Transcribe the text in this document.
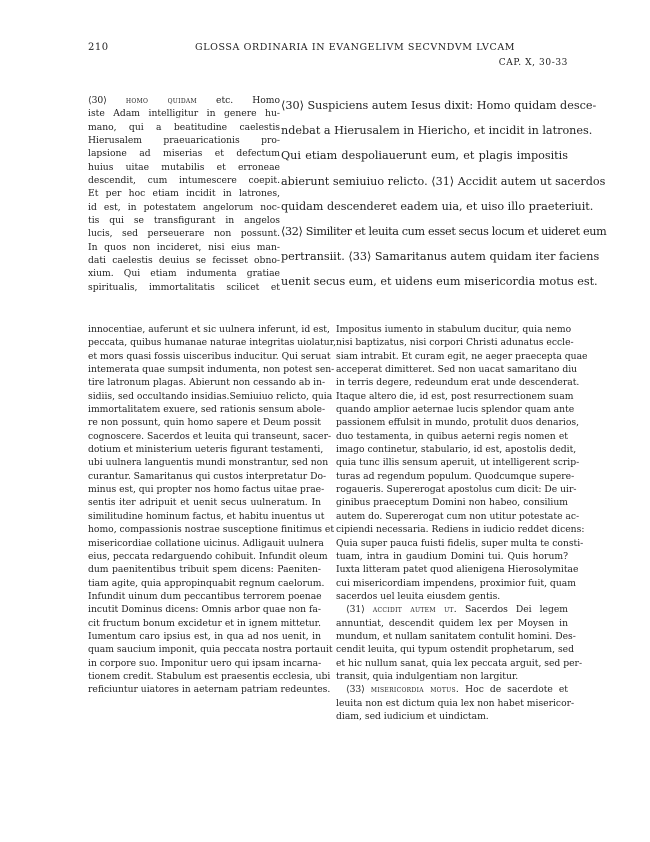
210	GLOSSA ORDINARIA IN EVANGELIVM SECVNDVM LVCAM
CAP. X, 30-33
⟨30⟩ homo quidam etc. Homo
iste Adam intelligitur in genere hu-
mano, qui a beatitudine caelestis
Hierusalem praeuaricationis pro-
lapsione ad miserias et defectum
huius uitae mutabilis et erroneae
descendit, cum intumescere coepit.
Et per hoc etiam incidit in latrones,
id est, in potestatem angelorum noc-
tis qui se transfigurant in angelos
lucis, sed perseuerare non possunt.
In quos non incideret, nisi eius man-
dati caelestis deuius se fecisset obno-
xium. Qui etiam indumenta gratiae
spiritualis, immortalitatis scilicet et
⟨30⟩ Suspiciens autem Iesus dixit: Homo quidam desce-
ndebat a Hierusalem in Hiericho, et incidit in latrones.
Qui etiam despoliauerunt eum, et plagis impositis
abierunt semiuiuo relicto. ⟨31⟩ Accidit autem ut sacerdos
quidam descenderet eadem uia, et uiso illo praeteriuit.
⟨32⟩ Similiter et leuita cum esset secus locum et uideret eum
pertransiit. ⟨33⟩ Samaritanus autem quidam iter faciens
uenit secus eum, et uidens eum misericordia motus est.
innocentiae, auferunt et sic uulnera inferunt, id est,
peccata, quibus humanae naturae integritas uiolatur,
et mors quasi fossis uisceribus inducitur. Qui seruat
intemerata quae sumpsit indumenta, non potest sen-
tire latronum plagas. Abierunt non cessando ab in-
sidiis, sed occultando insidias.Semiuiuo relicto, quia
immortalitatem exuere, sed rationis sensum abole-
re non possunt, quin homo sapere et Deum possit
cognoscere. Sacerdos et leuita qui transeunt, sacer-
dotium et ministerium ueteris figurant testamenti,
ubi uulnera languentis mundi monstrantur, sed non
curantur. Samaritanus qui custos interpretatur Do-
minus est, qui propter nos homo factus uitae prae-
sentis iter adripuit et uenit secus uulneratum. In
similitudine hominum factus, et habitu inuentus ut
homo, compassionis nostrae susceptione finitimus et
misericordiae collatione uicinus. Adligauit uulnera
eius, peccata redarguendo cohibuit. Infundit oleum
dum paenitentibus tribuit spem dicens: Paeniten-
tiam agite, quia appropinquabit regnum caelorum.
Infundit uinum dum peccantibus terrorem poenae
incutit Dominus dicens: Omnis arbor quae non fa-
cit fructum bonum excidetur et in ignem mittetur.
Iumentum caro ipsius est, in qua ad nos uenit, in
quam saucium imponit, quia peccata nostra portauit
in corpore suo. Imponitur uero qui ipsam incarna-
tionem credit. Stabulum est praesentis ecclesia, ubi
reficiuntur uiatores in aeternam patriam redeuntes.
Impositus iumento in stabulum ducitur, quia nemo
nisi baptizatus, nisi corpori Christi adunatus eccle-
siam intrabit. Et curam egit, ne aeger praecepta quae
acceperat dimitteret. Sed non uacat samaritano diu
in terris degere, redeundum erat unde descenderat.
Itaque altero die, id est, post resurrectionem suam
quando amplior aeternae lucis splendor quam ante
passionem effulsit in mundo, protulit duos denarios,
duo testamenta, in quibus aeterni regis nomen et
imago continetur, stabulario, id est, apostolis dedit,
quia tunc illis sensum aperuit, ut intelligerent scrip-
turas ad regendum populum. Quodcumque supere-
rogaueris. Supererogat apostolus cum dicit: De uir-
ginibus praeceptum Domini non habeo, consilium
autem do. Supererogat cum non utitur potestate ac-
cipiendi necessaria. Rediens in iudicio reddet dicens:
Quia super pauca fuisti fidelis, super multa te consti-
tuam, intra in gaudium Domini tui. Quis horum?
Iuxta litteram patet quod alienigena Hierosolymitae
cui misericordiam impendens, proximior fuit, quam
sacerdos uel leuita eiusdem gentis.
⟨31⟩ accidit autem ut. Sacerdos Dei legem
annuntiat, descendit quidem lex per Moysen in
mundum, et nullam sanitatem contulit homini. Des-
cendit leuita, qui typum ostendit prophetarum, sed
et hic nullum sanat, quia lex peccata arguit, sed per-
transit, quia indulgentiam non largitur.
⟨33⟩ misericordia motus. Hoc de sacerdote et
leuita non est dictum quia lex non habet misericor-
diam, sed iudicium et uindictam.
